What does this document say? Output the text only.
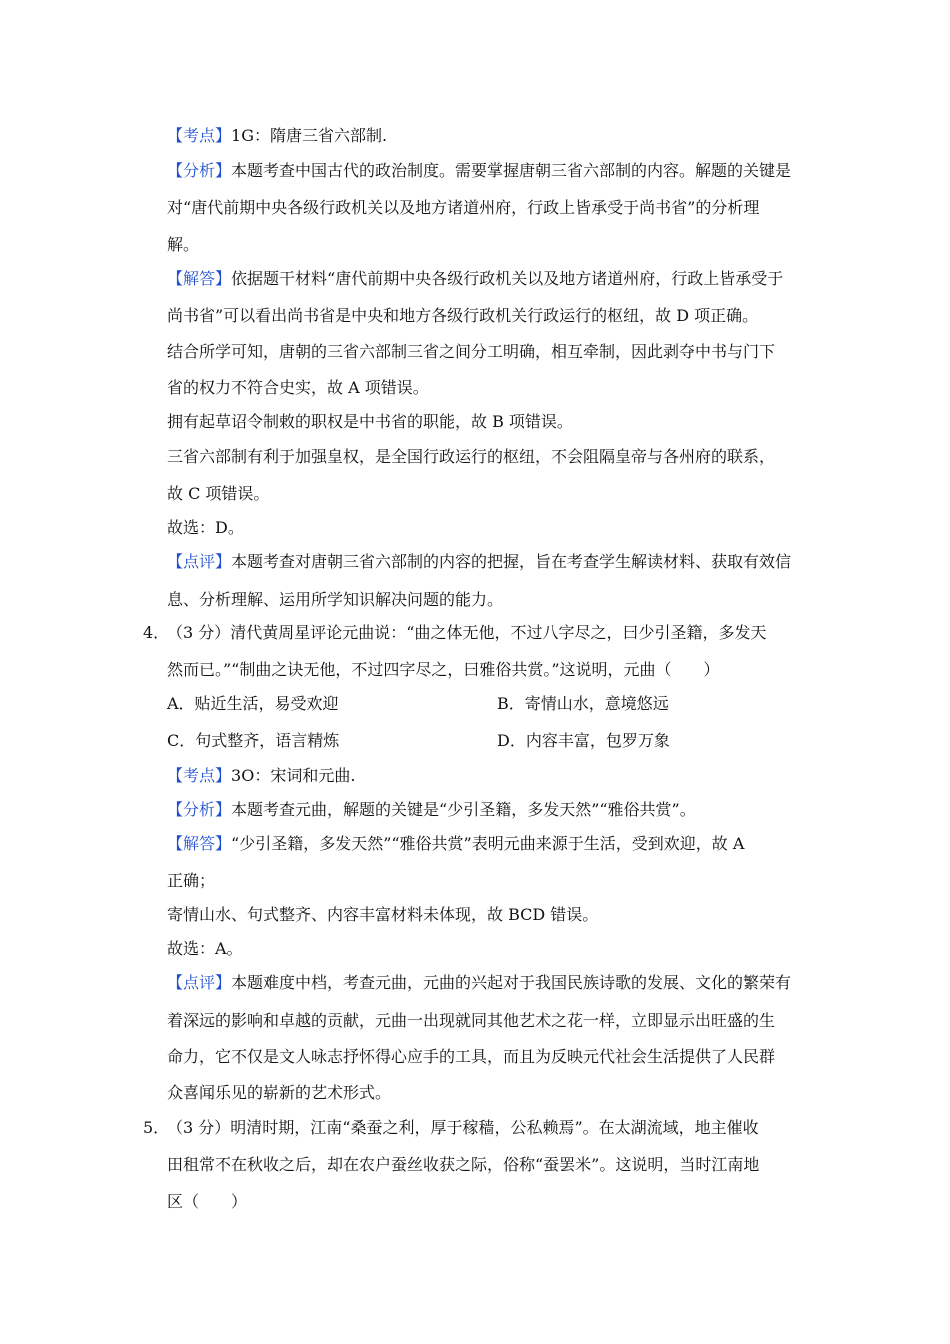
【考点】1G：隋唐三省六部制.
【分析】本题考查中国古代的政治制度。需要掌握唐朝三省六部制的内容。解题的关键是
对“唐代前期中央各级行政机关以及地方诸道州府，行政上皆承受于尚书省”的分析理
解。
【解答】依据题干材料“唐代前期中央各级行政机关以及地方诸道州府，行政上皆承受于
尚书省”可以看出尚书省是中央和地方各级行政机关行政运行的枢纽，故 D 项正确。
结合所学可知，唐朝的三省六部制三省之间分工明确，相互牵制，因此剥夺中书与门下
省的权力不符合史实，故 A 项错误。
拥有起草诏令制敕的职权是中书省的职能，故 B 项错误。
三省六部制有利于加强皇权，是全国行政运行的枢纽，不会阻隔皇帝与各州府的联系，
故 C 项错误。
故选：D。
【点评】本题考查对唐朝三省六部制的内容的把握，旨在考查学生解读材料、获取有效信
息、分析理解、运用所学知识解决问题的能力。
4．
（3 分）清代黄周星评论元曲说：“曲之体无他，不过八字尽之，曰少引圣籍，多发天
然而已。”“制曲之诀无他，不过四字尽之，曰雅俗共赏。”这说明，元曲（　　）
A．贴近生活，易受欢迎	B．寄情山水，意境悠远
C．句式整齐，语言精炼	D．内容丰富，包罗万象
【考点】3O：宋词和元曲.
【分析】本题考查元曲，解题的关键是“少引圣籍，多发天然”“雅俗共赏”。
【解答】“少引圣籍，多发天然”“雅俗共赏”表明元曲来源于生活，受到欢迎，故 A
正确；
寄情山水、句式整齐、内容丰富材料未体现，故 BCD 错误。
故选：A。
【点评】本题难度中档，考查元曲，元曲的兴起对于我国民族诗歌的发展、文化的繁荣有
着深远的影响和卓越的贡献，元曲一出现就同其他艺术之花一样，立即显示出旺盛的生
命力，它不仅是文人咏志抒怀得心应手的工具，而且为反映元代社会生活提供了人民群
众喜闻乐见的崭新的艺术形式。
5．
（3 分）明清时期，江南“桑蚕之利，厚于稼穑，公私赖焉”。在太湖流域，地主催收
田租常不在秋收之后，却在农户蚕丝收获之际，俗称“蚕罢米”。这说明，当时江南地
区（　　）
